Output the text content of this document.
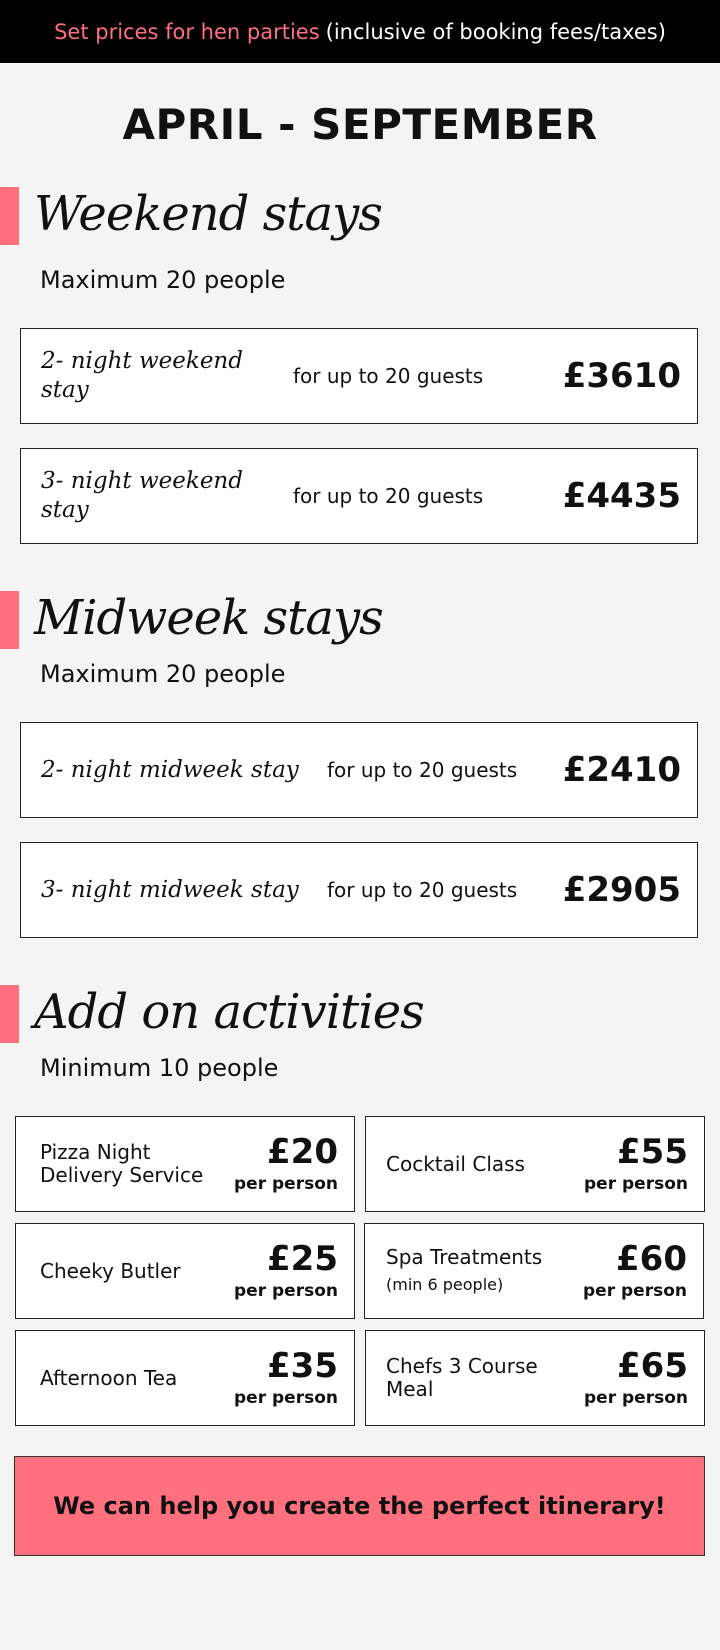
Set prices for hen parties (inclusive of booking fees/taxes)
APRIL - SEPTEMBER
Weekend stays
Maximum 20 people
2- night weekend
stay
for up to 20 guests £3610
3- night weekend
stay
for up to 20 guests £4435
Midweek stays
Maximum 20 people
2- night midweek stay for up to 20 guests £2410
3- night midweek stay for up to 20 guests £2905
Add on activities
Minimum 10 people
Pizza Night
Delivery Service
£20
per person
Cocktail Class	£55
per person
Cheeky Butler	£25
per person
Spa Treatments
(min 6 people)
£60
per person
Afternoon Tea	£35
per person
Chefs 3 Course
Meal
£65
per person
We can help you create the perfect itinerary!
